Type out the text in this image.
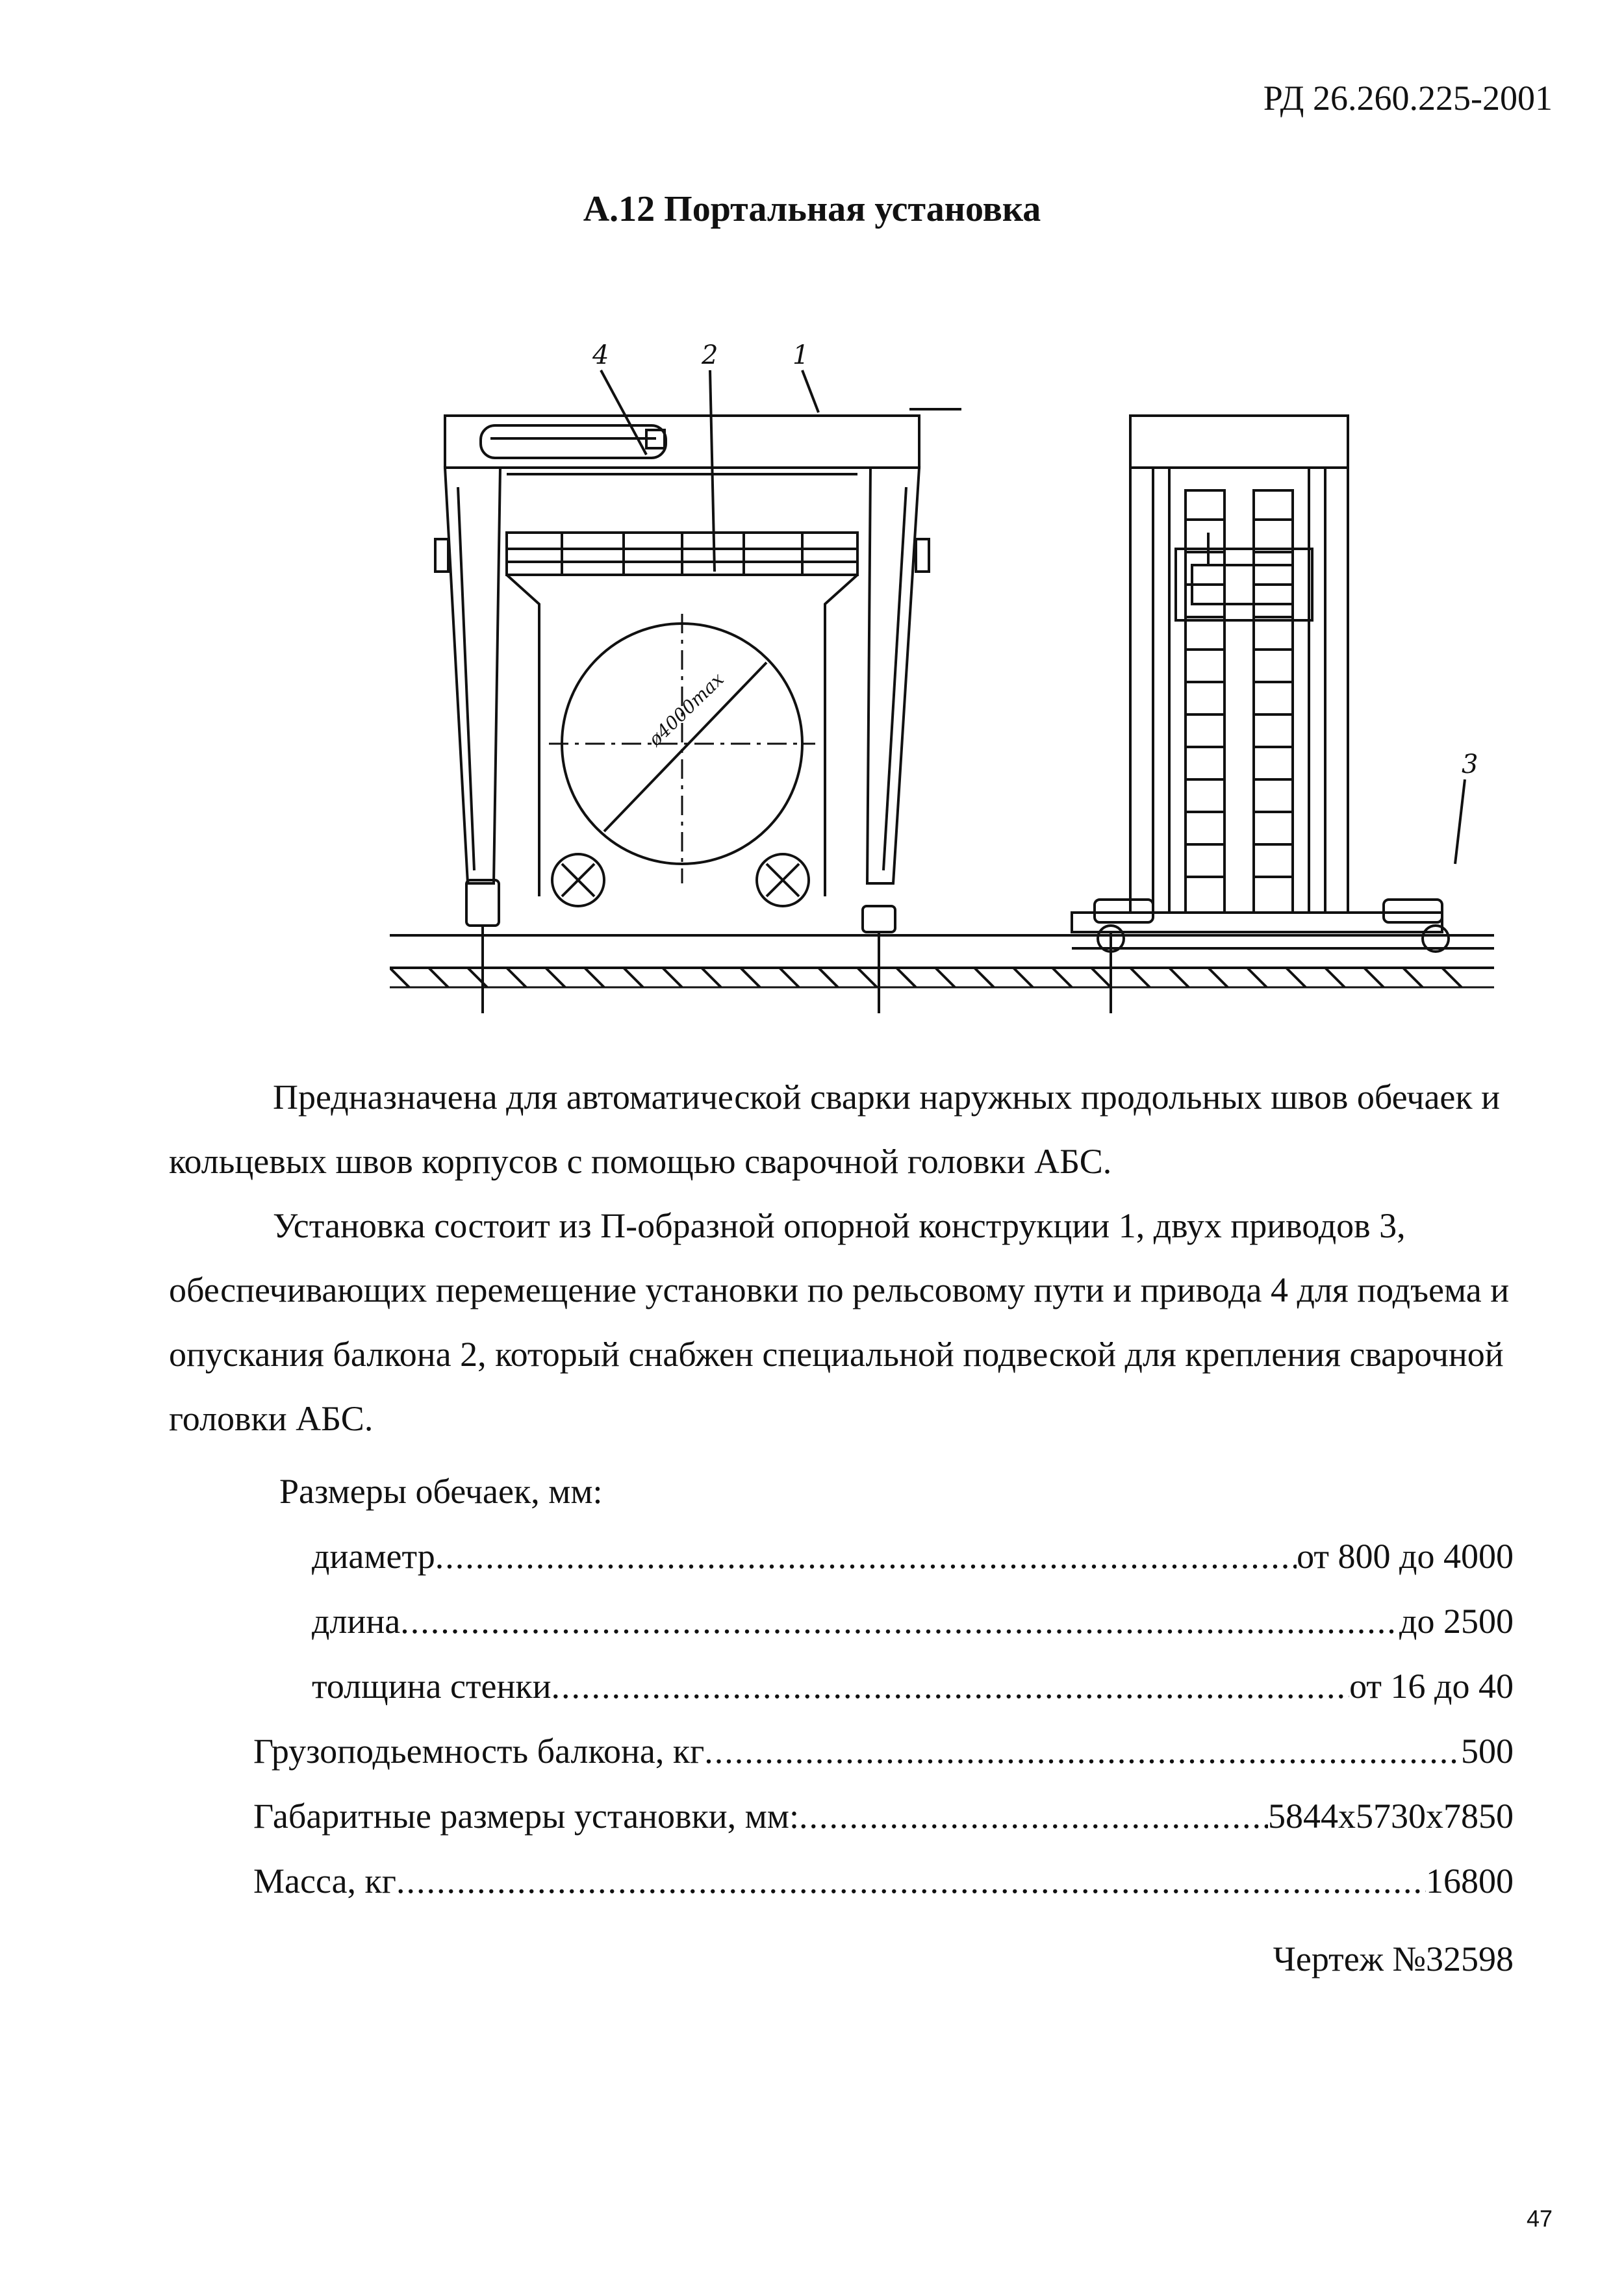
РД 26.260.225-2001
А.12 Портальная установка
4	2	1
3
ø4000max

Предназначена для автоматической сварки наружных продольных швов обечаек и кольцевых швов корпусов с помощью сварочной головки АБС.

Установка состоит из П-образной опорной конструкции 1, двух приводов 3, обеспечивающих перемещение установки по рельсовому пути и привода 4 для подъема и опускания балкона 2, который снабжен специальной подвеской для крепления сварочной головки АБС.

Размеры обечаек, мм:
диаметр .....	от 800 до 4000
длина .....	до 2500
толщина стенки .....	от 16 до 40
Грузоподьемность балкона, кг .....	500
Габаритные размеры установки, мм: .....	5844x5730x7850
Масса, кг .....	16800
Чертеж №32598
47
